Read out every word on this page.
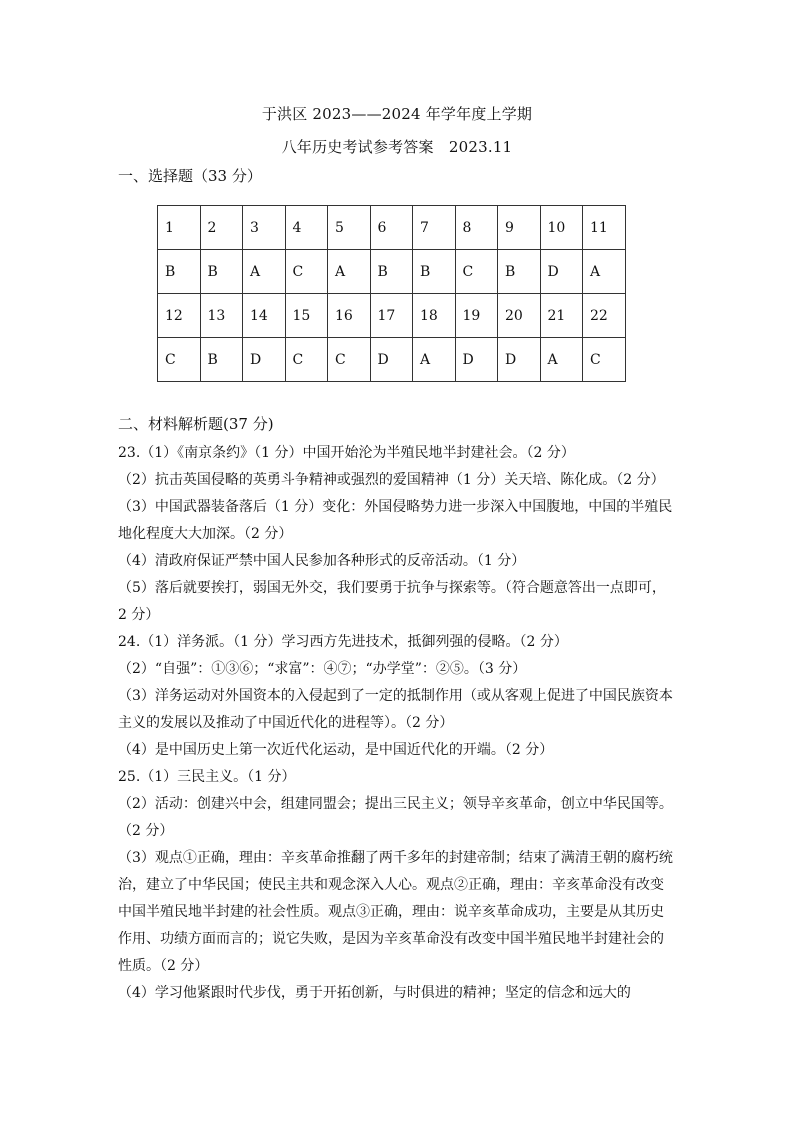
于洪区 2023——2024 年学年度上学期
八年历史考试参考答案　2023.11
一、选择题（33 分）
1	2	3	4	5	6	7	8	9	10	11
B	B	A	C	A	B	B	C	B	D	A
12	13	14	15	16	17	18	19	20	21	22
C	B	D	C	C	D	A	D	D	A	C
二、材料解析题(37 分)

23.（1）《南京条约》（1 分）中国开始沦为半殖民地半封建社会。（2 分）

（2）抗击英国侵略的英勇斗争精神或强烈的爱国精神（1 分）关天培、陈化成。（2 分）

（3）中国武器装备落后（1 分）变化：外国侵略势力进一步深入中国腹地，中国的半殖民地化程度大大加深。（2 分）

（4）清政府保证严禁中国人民参加各种形式的反帝活动。（1 分）

（5）落后就要挨打，弱国无外交，我们要勇于抗争与探索等。（符合题意答出一点即可，2 分）

24.（1）洋务派。（1 分）学习西方先进技术，抵御列强的侵略。（2 分）

（2）“自强”：①③⑥；“求富”：④⑦；“办学堂”：②⑤。（3 分）

（3）洋务运动对外国资本的入侵起到了一定的抵制作用（或从客观上促进了中国民族资本主义的发展以及推动了中国近代化的进程等）。（2 分）

（4）是中国历史上第一次近代化运动，是中国近代化的开端。（2 分）

25.（1）三民主义。（1 分）

（2）活动：创建兴中会，组建同盟会；提出三民主义；领导辛亥革命，创立中华民国等。（2 分）

（3）观点①正确，理由：辛亥革命推翻了两千多年的封建帝制；结束了满清王朝的腐朽统治，建立了中华民国；使民主共和观念深入人心。观点②正确，理由：辛亥革命没有改变中国半殖民地半封建的社会性质。观点③正确，理由：说辛亥革命成功，主要是从其历史作用、功绩方面而言的；说它失败，是因为辛亥革命没有改变中国半殖民地半封建社会的性质。（2 分）

（4）学习他紧跟时代步伐，勇于开拓创新，与时俱进的精神；坚定的信念和远大的
